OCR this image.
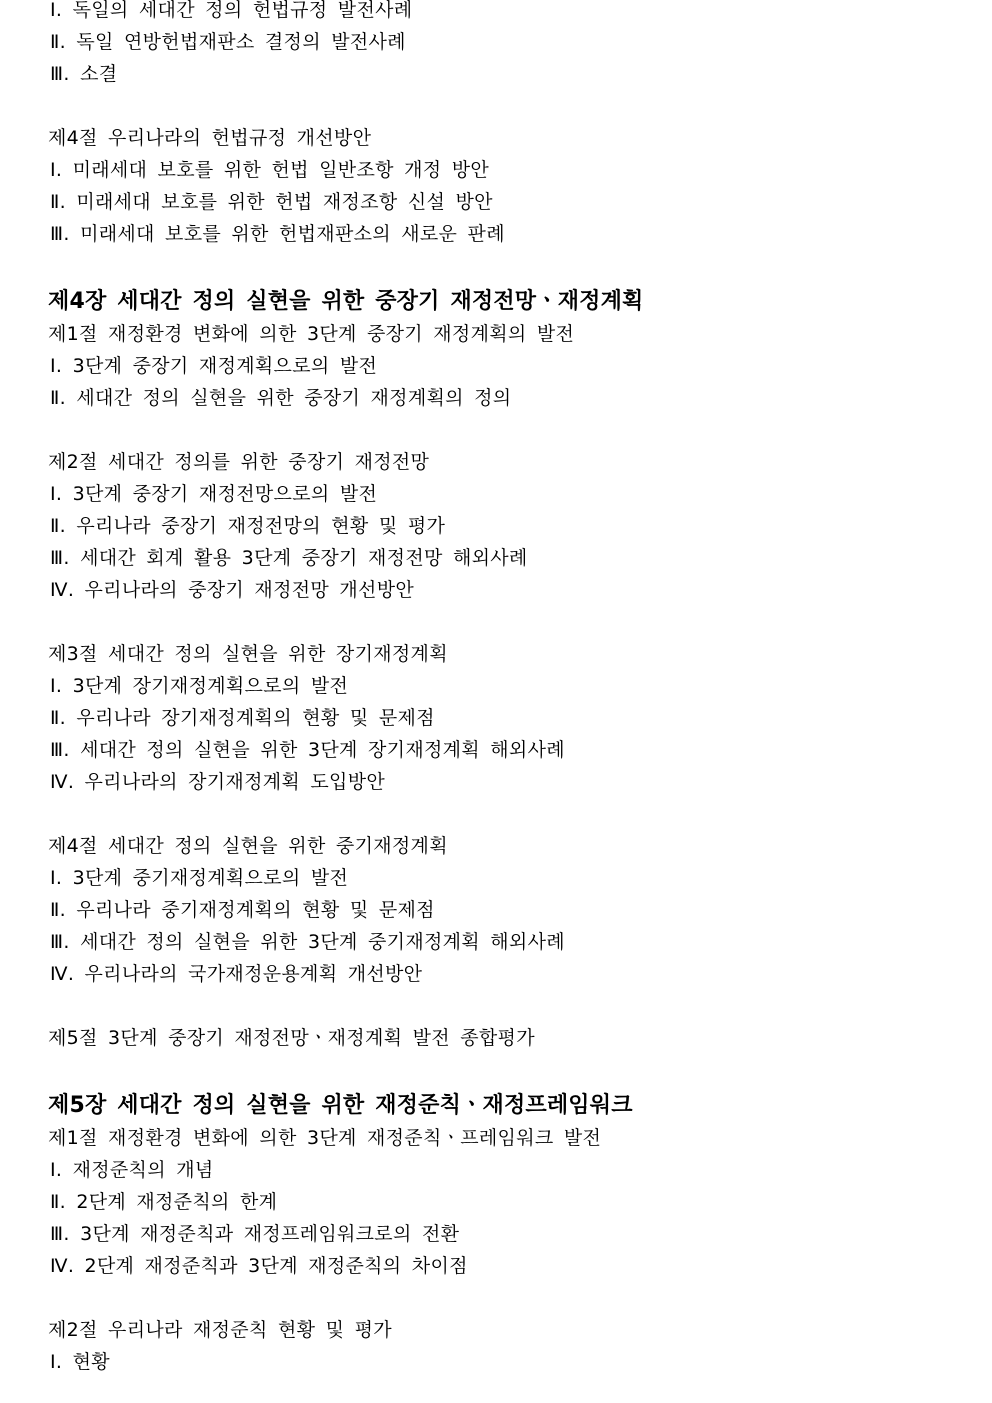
Ⅰ. 독일의 세대간 정의 헌법규정 발전사례
Ⅱ. 독일 연방헌법재판소 결정의 발전사례
Ⅲ. 소결
제4절 우리나라의 헌법규정 개선방안
Ⅰ. 미래세대 보호를 위한 헌법 일반조항 개정 방안
Ⅱ. 미래세대 보호를 위한 헌법 재정조항 신설 방안
Ⅲ. 미래세대 보호를 위한 헌법재판소의 새로운 판례
제4장 세대간 정의 실현을 위한 중장기 재정전망ㆍ재정계획
제1절 재정환경 변화에 의한 3단계 중장기 재정계획의 발전
Ⅰ. 3단계 중장기 재정계획으로의 발전
Ⅱ. 세대간 정의 실현을 위한 중장기 재정계획의 정의
제2절 세대간 정의를 위한 중장기 재정전망
Ⅰ. 3단계 중장기 재정전망으로의 발전
Ⅱ. 우리나라 중장기 재정전망의 현황 및 평가
Ⅲ. 세대간 회계 활용 3단계 중장기 재정전망 해외사례
Ⅳ. 우리나라의 중장기 재정전망 개선방안
제3절 세대간 정의 실현을 위한 장기재정계획
Ⅰ. 3단계 장기재정계획으로의 발전
Ⅱ. 우리나라 장기재정계획의 현황 및 문제점
Ⅲ. 세대간 정의 실현을 위한 3단계 장기재정계획 해외사례
Ⅳ. 우리나라의 장기재정계획 도입방안
제4절 세대간 정의 실현을 위한 중기재정계획
Ⅰ. 3단계 중기재정계획으로의 발전
Ⅱ. 우리나라 중기재정계획의 현황 및 문제점
Ⅲ. 세대간 정의 실현을 위한 3단계 중기재정계획 해외사례
Ⅳ. 우리나라의 국가재정운용계획 개선방안
제5절 3단계 중장기 재정전망ㆍ재정계획 발전 종합평가
제5장 세대간 정의 실현을 위한 재정준칙ㆍ재정프레임워크
제1절 재정환경 변화에 의한 3단계 재정준칙ㆍ프레임워크 발전
Ⅰ. 재정준칙의 개념
Ⅱ. 2단계 재정준칙의 한계
Ⅲ. 3단계 재정준칙과 재정프레임워크로의 전환
Ⅳ. 2단계 재정준칙과 3단계 재정준칙의 차이점
제2절 우리나라 재정준칙 현황 및 평가
Ⅰ. 현황
